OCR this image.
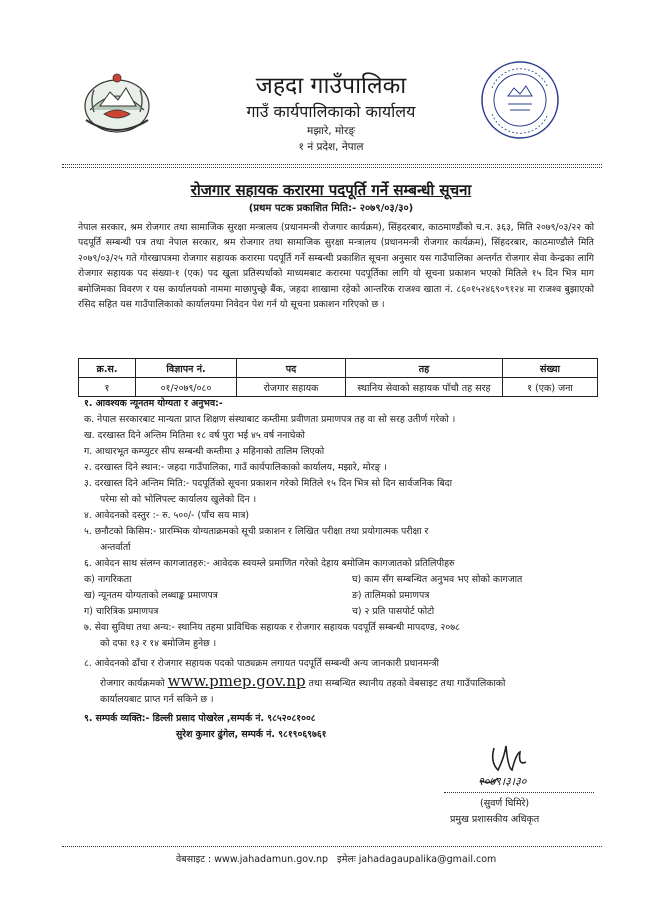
जहदा गाउँपालिका
गाउँ कार्यपालिकाको कार्यालय
मझारे, मोरङ्
१ नं प्रदेश, नेपाल
रोजगार सहायक करारमा पदपूर्ति गर्ने सम्बन्धी सूचना
(प्रथम पटक प्रकाशित मिति:- २०७९/०३/३०)

नेपाल सरकार, श्रम रोजगार तथा सामाजिक सुरक्षा मन्त्रालय (प्रधानमन्त्री रोजगार कार्यक्रम), सिंहदरबार, काठमाण्डौंको च.न. ३६३, मिति २०७९/०३/२२ को पदपूर्ति सम्बन्धी पत्र तथा नेपाल सरकार, श्रम रोजगार तथा सामाजिक सुरक्षा मन्त्रालय (प्रधानमन्त्री रोजगार कार्यक्रम), सिंहदरबार, काठमाण्डौले मिति २०७९/०३/२५ गते गोरखापत्रमा रोजगार सहायक करारमा पदपूर्ति गर्ने सम्बन्धी प्रकाशित सूचना अनुसार यस गाउँपालिका अन्तर्गत रोजगार सेवा केन्द्रका लागि रोजगार सहायक पद संख्या-१ (एक) पद खुला प्रतिस्पर्धाको माध्यमबाट करारमा पदपूर्तिका लागि यो सूचना प्रकाशन भएको मितिले १५ दिन भित्र माग बमोजिमका विवरण र यस कार्यालयको नाममा माछापुच्छ्रे बैंक, जहदा शाखामा रहेको आन्तरिक राजश्व खाता नं. ८६०१५२४६९०९१२४ मा राजश्व बुझाएको रसिद सहित यस गाउँपालिकाको कार्यालयमा निवेदन पेश गर्न यो सूचना प्रकाशन गरिएको छ ।

क्र.स.	विज्ञापन नं.	पद	तह	संख्या
१	०१/२०७९/०८०	रोजगार सहायक	स्थानिय सेवाको सहायक पाँचौ तह सरह	१ (एक) जना
१. आवश्यक न्यूनतम योग्यता र अनुभव:-
क. नेपाल सरकारबाट मान्यता प्राप्त शिक्षण संस्थाबाट कम्तीमा प्रवीणता प्रमाणपत्र तह वा सो सरह उतीर्ण गरेको ।
ख. दरखास्त दिने अन्तिम मितिमा १८ वर्ष पुरा भई ४५ वर्ष ननाघेको
ग. आधारभूत कम्प्युटर सीप सम्बन्धी कम्तीमा ३ महिनाको तालिम लिएको
२. दरखास्त दिने स्थान:- जहदा गाउँपालिका, गाउँ कार्यपालिकाको कार्यालय, मझारे, मोरङ् ।
३. दरखास्त दिने अन्तिम मिति:- पदपूर्तिको सूचना प्रकाशन गरेको मितिले १५ दिन भित्र सो दिन सार्वजनिक बिदा
परेमा सो को भोलिपल्ट कार्यालय खुलेको दिन ।
४. आवेदनको दस्तुर :- रु. ५००/- (पाँच सय मात्र)
५. छनौटको किसिम:- प्रारम्भिक योग्यताक्रमको सूची प्रकाशन र लिखित परीक्षा तथा प्रयोगात्मक परीक्षा र
अन्तर्वार्ता
६. आवेदन साथ संलग्न कागजातहरु:- आवेदक स्वयम्ले प्रमाणित गरेको देहाय बमोजिम कागजातको प्रतिलिपीहरु
क) नागरिकता	घ) काम सँग सम्बन्धित अनुभव भए सोको कागजात
ख) न्यूनतम योग्यताको लब्धाङ्क प्रमाणपत्र	ङ) तालिमको प्रमाणपत्र
ग) चारित्रिक प्रमाणपत्र	च) २ प्रति पासपोर्ट फोटो
७. सेवा सुविधा तथा अन्य:- स्थानिय तहमा प्राविधिक सहायक र रोजगार सहायक पदपूर्ति सम्बन्धी मापदण्ड, २०७८
को दफा १३ र १४ बमोजिम हुनेछ ।
८. आवेदनको ढाँचा र रोजगार सहायक पदको पाठ्यक्रम लगायत पदपूर्ति सम्बन्धी अन्य जानकारी प्रधानमन्त्री
रोजगार कार्यक्रमको www.pmep.gov.np तथा सम्बन्धित स्थानीय तहको वेबसाइट तथा गाउँपालिकाको
कार्यालयबाट प्राप्त गर्न सकिने छ ।
९. सम्पर्क व्यक्ति:- डिल्ली प्रसाद पोखरेल ,सम्पर्क नं. ९८५२०८१००८
सुरेश कुमार ढुंगेल, सम्पर्क नं. ९८१९०६९७६१
२०७९।३।३०
(सुवर्ण घिमिरे)
प्रमुख प्रशासकीय अधिकृत
वेबसाइट : www.jahadamun.gov.np इमेलः jahadagaupalika@gmail.com
